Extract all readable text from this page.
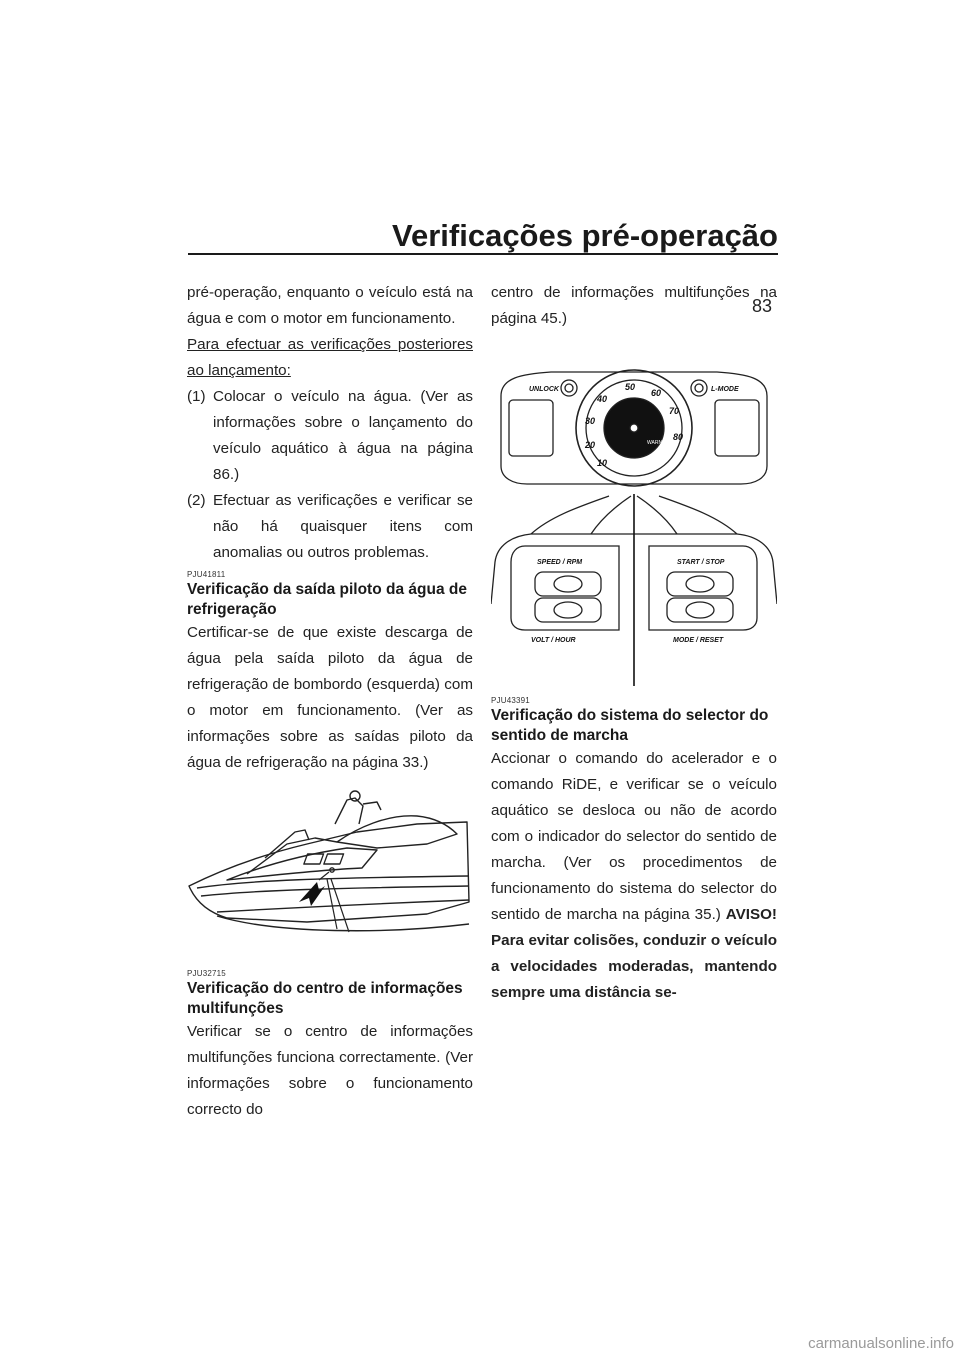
Verificações pré-operação
83

pré-operação, enquanto o veículo está na água e com o motor em funcionamento.

Para efectuar as verificações posteriores ao lançamento:

(1) Colocar o veículo na água. (Ver as informações sobre o lançamento do veículo aquático à água na página 86.)
(2) Efectuar as verificações e verificar se não há quaisquer itens com anomalias ou outros problemas.
PJU41811
Verificação da saída piloto da água de refrigeração

Certificar-se de que existe descarga de água pela saída piloto da água de refrigeração de bombordo (esquerda) com o motor em funcionamento. (Ver as informações sobre as saídas piloto da água de refrigeração na página 33.)

PJU32715
Verificação do centro de informações multifunções

Verificar se o centro de informações multifunções funciona correctamente. (Ver informações sobre o funcionamento correcto do

centro de informações multifunções na página 45.)

10
20
30
40
50
60
70
80
WARNING
UNLOCK	L-MODE
SPEED / RPM	START / STOP
VOLT / HOUR	MODE / RESET
PJU43391
Verificação do sistema do selector do sentido de marcha

Accionar o comando do acelerador e o comando RiDE, e verificar se o veículo aquático se desloca ou não de acordo com o indicador do selector do sentido de marcha. (Ver os procedimentos de funcionamento do sistema do selector do sentido de marcha na página 35.) AVISO! Para evitar colisões, conduzir o veículo a velocidades moderadas, mantendo sempre uma distância se-

carmanualsonline.info
